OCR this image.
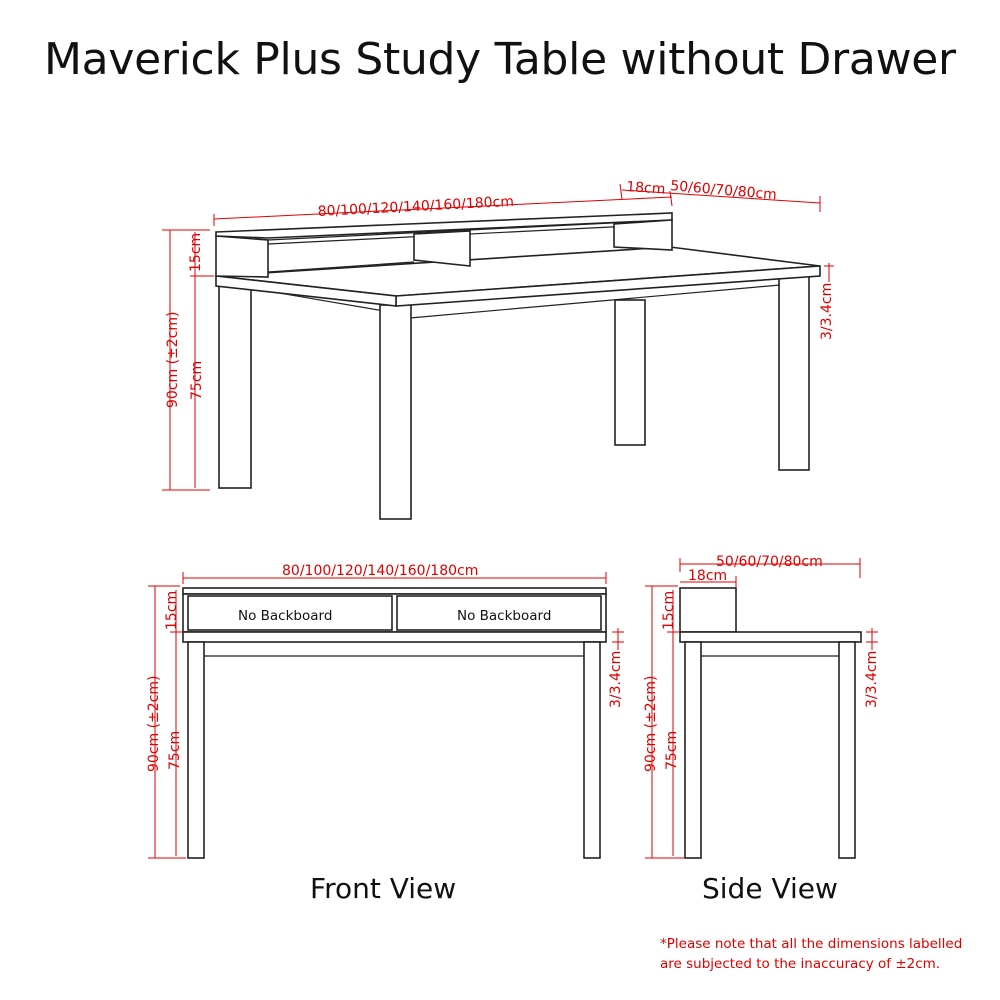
Maverick Plus Study Table without Drawer
80/100/120/140/160/180cm
18cm 50/60/70/80cm
15cm
90cm (±2cm) 75cm
3/3.4cm
80/100/120/140/160/180cm
15cm
90cm (±2cm) 75cm
3/3.4cm
No Backboard	No Backboard
50/60/70/80cm
18cm
15cm
90cm (±2cm) 75cm
3/3.4cm
Front View	Side View
*Please note that all the dimensions labelled
are subjected to the inaccuracy of ±2cm.
